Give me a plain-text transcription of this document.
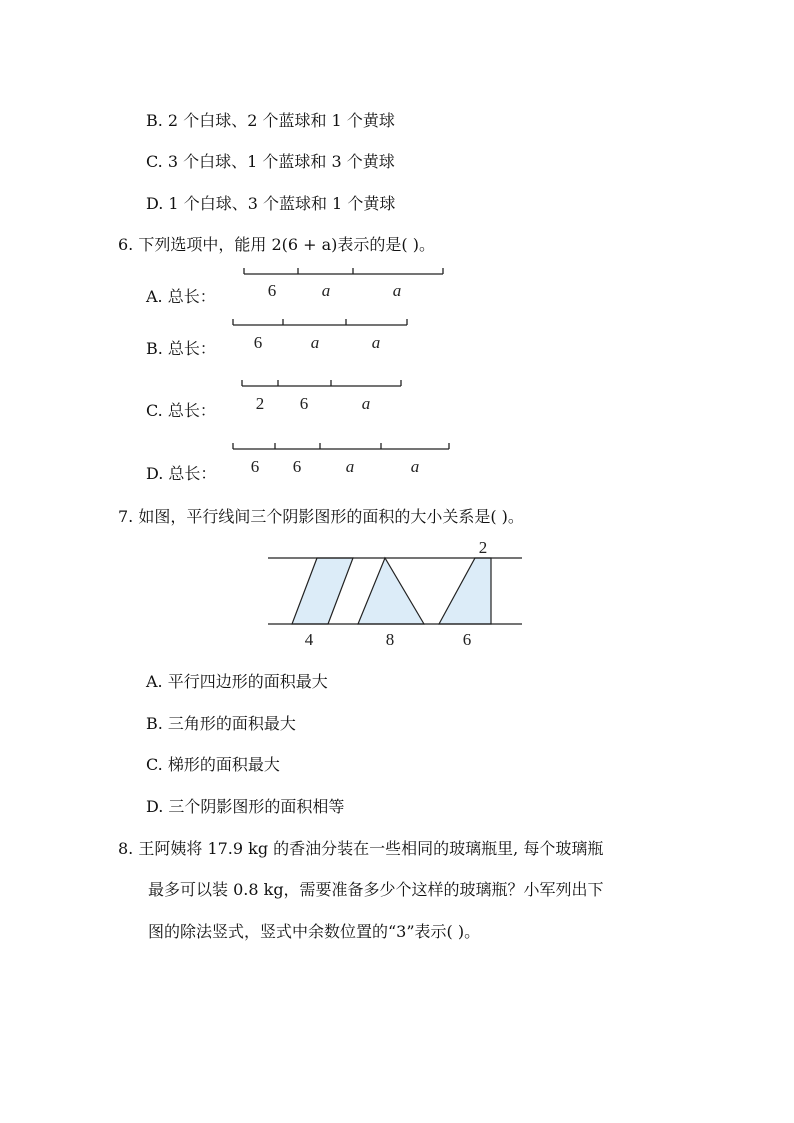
B. 2 个白球、2 个蓝球和 1 个黄球
C. 3 个白球、1 个蓝球和 3 个黄球
D. 1 个白球、3 个蓝球和 1 个黄球
6. 下列选项中，能用 2(6 + a)表示的是( )。
A. 总长：	6	a	a
6	a	a
2 6	a
6 6	a	a
2
4	8	6
B. 总长：
C. 总长：
D. 总长：
7. 如图，平行线间三个阴影图形的面积的大小关系是( )。
A. 平行四边形的面积最大
B. 三角形的面积最大
C. 梯形的面积最大
D. 三个阴影图形的面积相等
8. 王阿姨将 17.9 kg 的香油分装在一些相同的玻璃瓶里, 每个玻璃瓶
最多可以装 0.8 kg，需要准备多少个这样的玻璃瓶？小军列出下
图的除法竖式，竖式中余数位置的“3”表示( )。
